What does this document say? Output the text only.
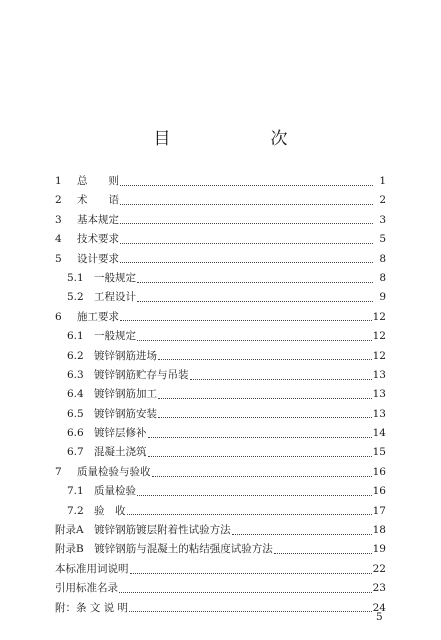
目　　次
1	总　　则	1
2	术　　语	2
3	基本规定	3
4	技术要求	5
5	设计要求	8
5.1 一般规定	8
5.2 工程设计	9
6	施工要求	12
6.1 一般规定	12
6.2 镀锌钢筋进场	12
6.3 镀锌钢筋贮存与吊装	13
6.4 镀锌钢筋加工	13
6.5 镀锌钢筋安装	13
6.6 镀锌层修补	14
6.7 混凝土浇筑	15
7	质量检验与验收	16
7.1 质量检验	16
7.2 验　收	17
附录A　镀锌钢筋镀层附着性试验方法	18
附录B　镀锌钢筋与混凝土的粘结强度试验方法	19
本标准用词说明	22
引用标准名录	23
附：条 文 说 明	24
5
